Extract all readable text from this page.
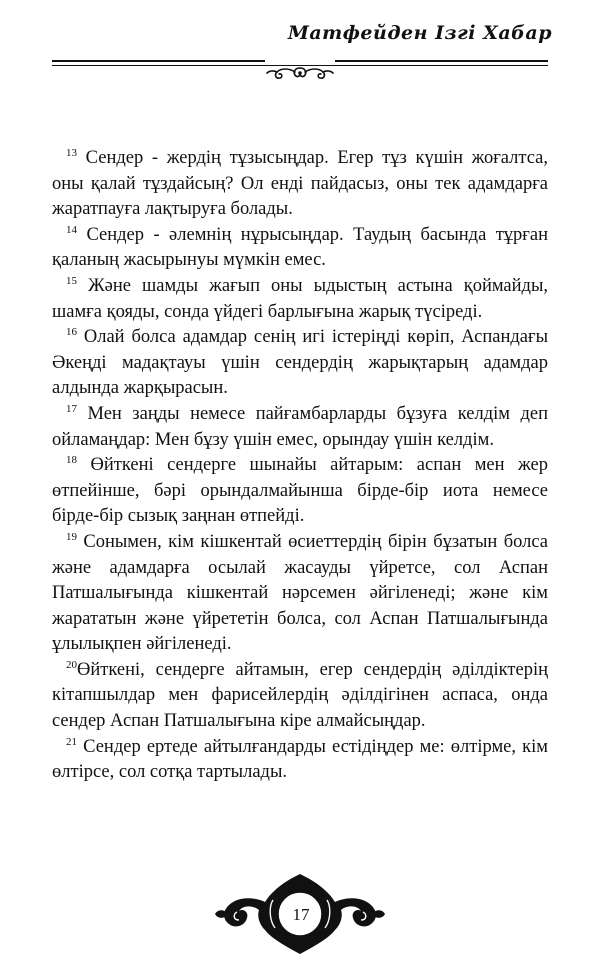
Матфейден Ізгі Хабар

$^{13}$ Сендер - жердің тұзысыңдар. Егер тұз күшін жоғалтса, оны қалай тұздайсың? Ол енді пайдасыз, оны тек адамдарға жаратпауға лақтыруға болады.

$^{14}$ Сендер - әлемнің нұрысыңдар. Таудың басында тұрған қаланың жасырынуы мүмкін емес.

$^{15}$ Және шамды жағып оны ыдыстың астына қоймайды, шамға қояды, сонда үйдегі барлығына жарық түсіреді.

$^{16}$ Олай болса адамдар сенің игі істеріңді көріп, Аспандағы Әкеңді мадақтауы үшін сендердің жарықтарың адамдар алдында жарқырасын.

$^{17}$ Мен заңды немесе пайғамбарларды бұзуға келдім деп ойламаңдар: Мен бұзу үшін емес, орындау үшін келдім.

$^{18}$ Өйткені сендерге шынайы айтарым: аспан мен жер өтпейінше, бәрі орындалмайынша бірде-бір иота немесе бірде-бір сызық заңнан өтпейді.

$^{19}$ Сонымен, кім кішкентай өсиеттердің бірін бұзатын болса және адамдарға осылай жасауды үйретсе, сол Аспан Патшалығында кішкентай нәрсемен әйгіленеді; және кім жарататын және үйрететін болса, сол Аспан Патшалығында ұлылықпен әйгіленеді.

$^{20}$Өйткені, сендерге айтамын, егер сендердің әділдіктерің кітапшылдар мен фарисейлердің әділдігінен аспаса, онда сендер Аспан Патшалығына кіре алмайсыңдар.

$^{21}$ Сендер ертеде айтылғандарды естідіңдер ме: өлтірме, кім өлтірсе, сол сотқа тартылады.

17
